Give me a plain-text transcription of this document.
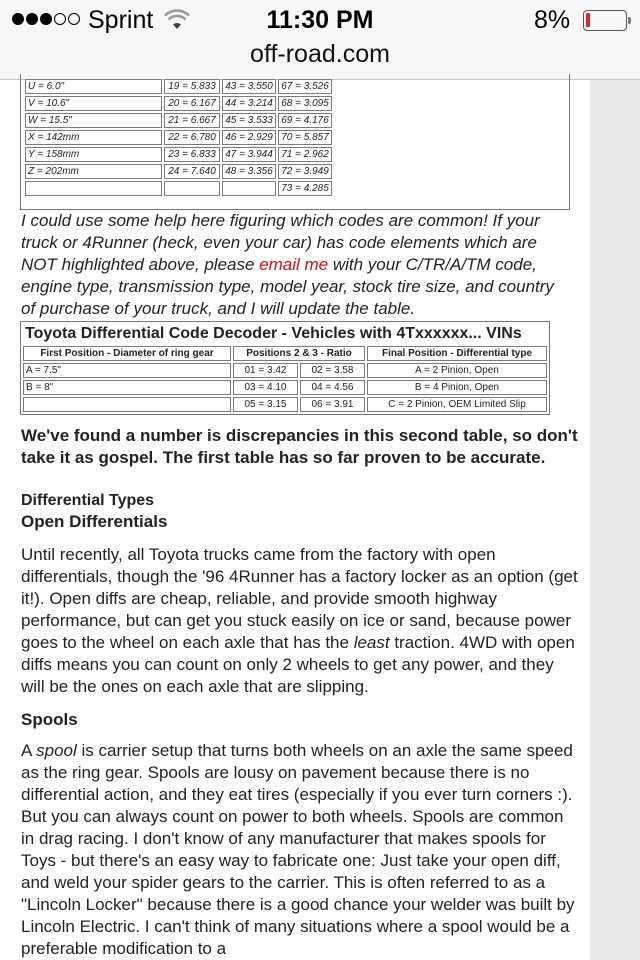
Sprint	11:30 PM	8%
off-road.com
U = 6.0"	19 = 5.833	43 = 3.550	67 = 3.526
V = 10.6"	20 = 6.167	44 = 3.214	68 = 3.095
W = 15.5"	21 = 6.667	45 = 3.533	69 = 4.176
X = 142mm	22 = 6.780	46 = 2.929	70 = 5.857
Y = 158mm	23 = 6.833	47 = 3.944	71 = 2.962
Z = 202mm	24 = 7.640	48 = 3.356	72 = 3.949
			73 = 4.285

I could use some help here figuring which codes are common! If your truck or 4Runner (heck, even your car) has code elements which are NOT highlighted above, please email me with your C/TR/A/TM code, engine type, transmission type, model year, stock tire size, and country of purchase of your truck, and I will update the table.

Toyota Differential Code Decoder - Vehicles with 4Txxxxxx... VINs
First Position - Diameter of ring gear	Positions 2 & 3 - Ratio		Final Position - Differential type
A = 7.5"	01 = 3.42	02 = 3.58	A = 2 Pinion, Open
B = 8"	03 = 4.10	04 = 4.56	B = 4 Pinion, Open
	05 = 3.15	06 = 3.91	C = 2 Pinion, OEM Limited Slip

We've found a number is discrepancies in this second table, so don't take it as gospel. The first table has so far proven to be accurate.

Differential Types
Open Differentials

Until recently, all Toyota trucks came from the factory with open differentials, though the '96 4Runner has a factory locker as an option (get it!). Open diffs are cheap, reliable, and provide smooth highway performance, but can get you stuck easily on ice or sand, because power goes to the wheel on each axle that has the least traction. 4WD with open diffs means you can count on only 2 wheels to get any power, and they will be the ones on each axle that are slipping.

Spools

A spool is carrier setup that turns both wheels on an axle the same speed as the ring gear. Spools are lousy on pavement because there is no differential action, and they eat tires (especially if you ever turn corners :). But you can always count on power to both wheels. Spools are common in drag racing. I don't know of any manufacturer that makes spools for Toys - but there's an easy way to fabricate one: Just take your open diff, and weld your spider gears to the carrier. This is often referred to as a "Lincoln Locker" because there is a good chance your welder was built by Lincoln Electric. I can't think of many situations where a spool would be a preferable modification to a
